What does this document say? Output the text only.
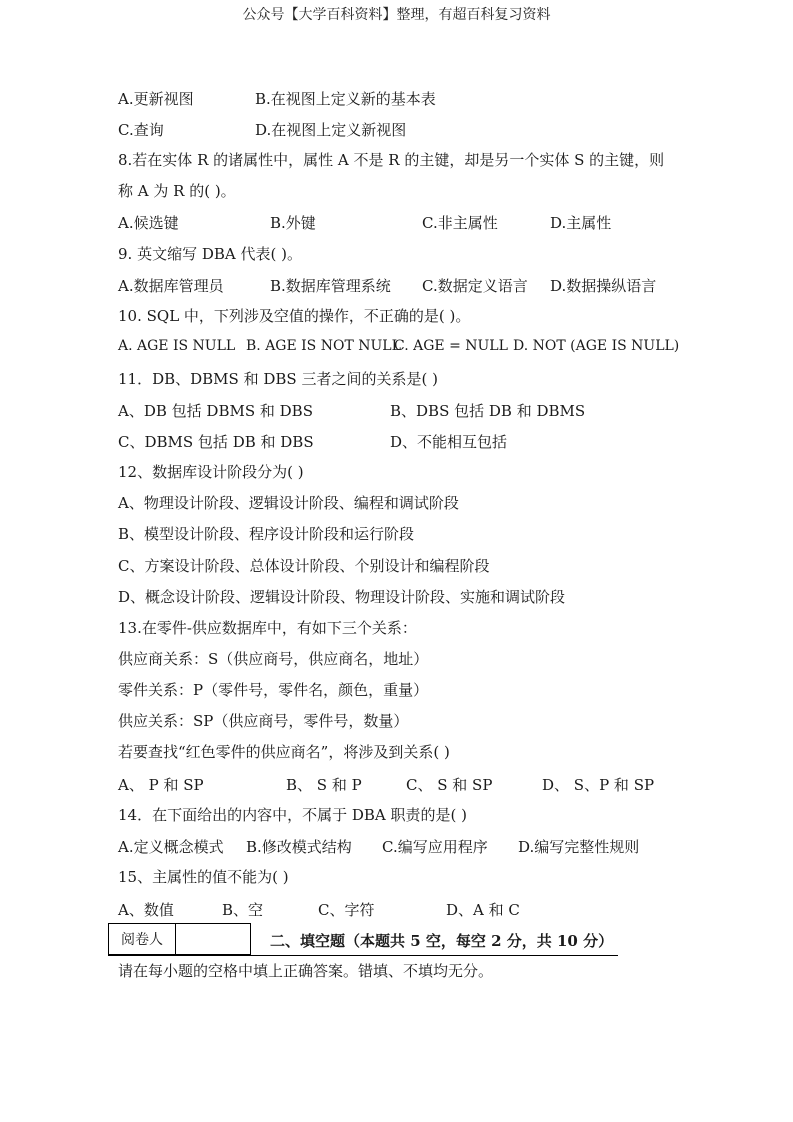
公众号【大学百科资料】整理，有超百科复习资料
A.更新视图	B.在视图上定义新的基本表
C.查询	D.在视图上定义新视图
8.若在实体 R 的诸属性中，属性 A 不是 R 的主键，却是另一个实体 S 的主键，则
称 A 为 R 的( )。
A.候选键	B.外键	C.非主属性	D.主属性
9. 英文缩写 DBA 代表( )。
A.数据库管理员	B.数据库管理系统 C.数据定义语言 D.数据操纵语言
10. SQL 中，下列涉及空值的操作，不正确的是( )。
A. AGE IS NULL B. AGE IS NOT NULL
C. AGE = NULL D. NOT (AGE IS NULL)
11．DB、DBMS 和 DBS 三者之间的关系是( )
A、DB 包括 DBMS 和 DBS	B、DBS 包括 DB 和 DBMS
C、DBMS 包括 DB 和 DBS	D、不能相互包括
12、数据库设计阶段分为( )
A、物理设计阶段、逻辑设计阶段、编程和调试阶段
B、模型设计阶段、程序设计阶段和运行阶段
C、方案设计阶段、总体设计阶段、个别设计和编程阶段
D、概念设计阶段、逻辑设计阶段、物理设计阶段、实施和调试阶段
13.在零件-供应数据库中，有如下三个关系：
供应商关系：S（供应商号，供应商名，地址）
零件关系：P（零件号，零件名，颜色，重量）
供应关系：SP（供应商号，零件号，数量）
若要查找“红色零件的供应商名”，将涉及到关系( )
A、 P 和 SP	B、 S 和 P	C、 S 和 SP	D、 S、P 和 SP
14．在下面给出的内容中，不属于 DBA 职责的是( )
A.定义概念模式 B.修改模式结构 C.编写应用程序 D.编写完整性规则
15、主属性的值不能为( )
A、数值	B、空	C、字符	D、A 和 C
阅卷人	二、填空题（本题共 5 空，每空 2 分，共 10 分）
请在每小题的空格中填上正确答案。错填、不填均无分。
